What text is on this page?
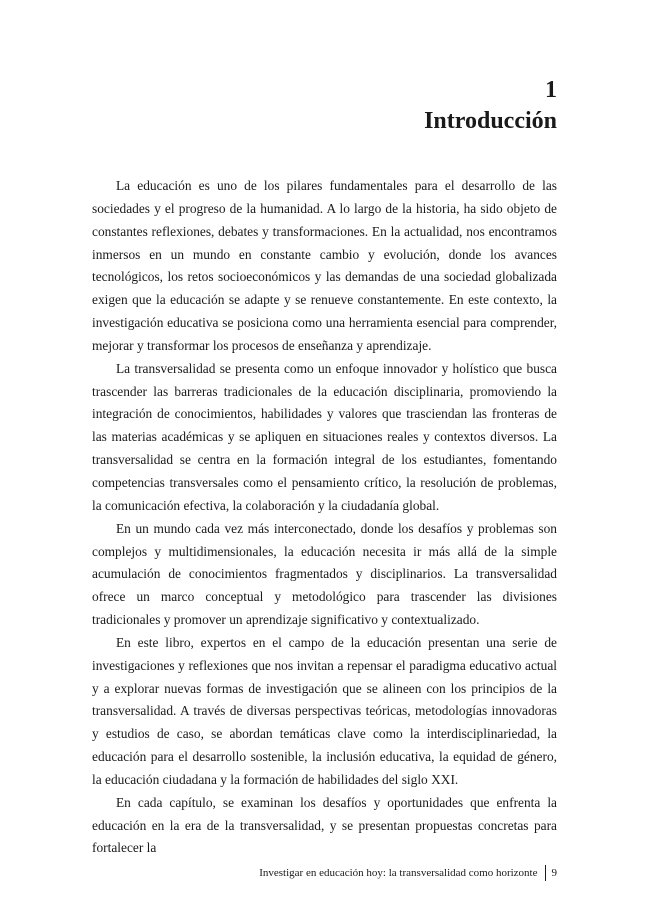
1
Introducción

La educación es uno de los pilares fundamentales para el desarrollo de las sociedades y el progreso de la humanidad. A lo largo de la historia, ha sido objeto de constantes reflexiones, debates y transformaciones. En la actualidad, nos encontramos inmersos en un mundo en constante cambio y evolución, donde los avances tecnológicos, los retos socioeconómicos y las demandas de una sociedad globalizada exigen que la educación se adapte y se renueve constantemente. En este contexto, la investigación educativa se posiciona como una herramienta esencial para comprender, mejorar y transformar los procesos de enseñanza y aprendizaje.

La transversalidad se presenta como un enfoque innovador y holístico que busca trascender las barreras tradicionales de la educación disciplinaria, promoviendo la integración de conocimientos, habilidades y valores que trasciendan las fronteras de las materias académicas y se apliquen en situaciones reales y contextos diversos. La transversalidad se centra en la formación integral de los estudiantes, fomentando competencias transversales como el pensamiento crítico, la resolución de problemas, la comunicación efectiva, la colaboración y la ciudadanía global.

En un mundo cada vez más interconectado, donde los desafíos y problemas son complejos y multidimensionales, la educación necesita ir más allá de la simple acumulación de conocimientos fragmentados y disciplinarios. La transversalidad ofrece un marco conceptual y metodológico para trascender las divisiones tradicionales y promover un aprendizaje significativo y contextualizado.

En este libro, expertos en el campo de la educación presentan una serie de investigaciones y reflexiones que nos invitan a repensar el paradigma educativo actual y a explorar nuevas formas de investigación que se alineen con los principios de la transversalidad. A través de diversas perspectivas teóricas, metodologías innovadoras y estudios de caso, se abordan temáticas clave como la interdisciplinariedad, la educación para el desarrollo sostenible, la inclusión educativa, la equidad de género, la educación ciudadana y la formación de habilidades del siglo XXI.

En cada capítulo, se examinan los desafíos y oportunidades que enfrenta la educación en la era de la transversalidad, y se presentan propuestas concretas para fortalecer la

Investigar en educación hoy: la transversalidad como horizonte 9
